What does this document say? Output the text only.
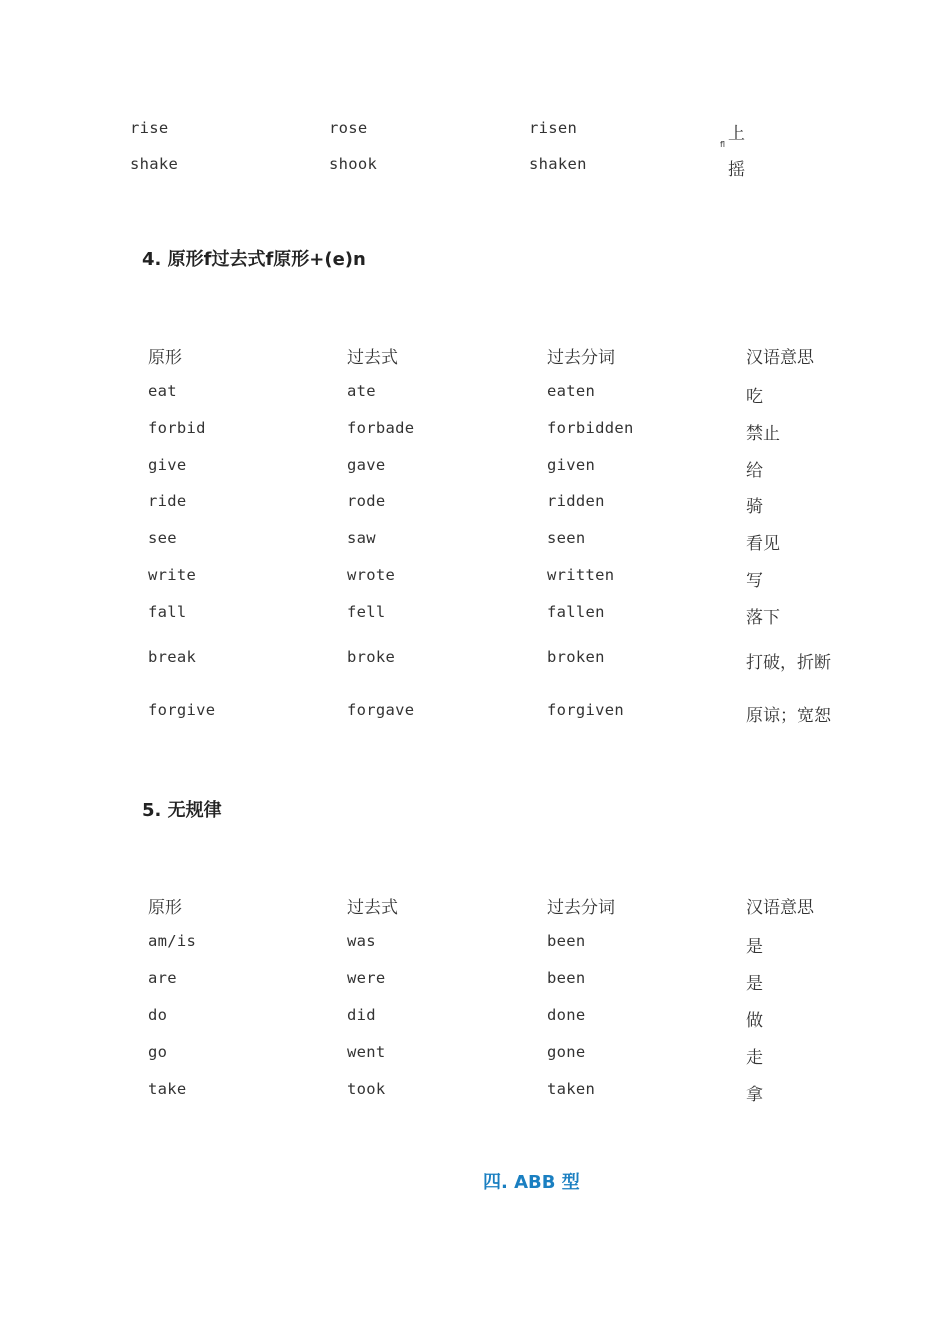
rise	rose	risen	上
fl
shake	shook	shaken	摇
4. 原形f过去式f原形+(e)n
原形	过去式	过去分词	汉语意思
eat	ate	eaten	吃
forbid	forbade	forbidden	禁止
give	gave	given	给
ride	rode	ridden	骑
see	saw	seen	看见
write	wrote	written	写
fall	fell	fallen	落下
break	broke	broken	打破，折断
forgive	forgave	forgiven	原谅；宽恕
5. 无规律
原形	过去式	过去分词	汉语意思
am/is	was	been	是
are	were	been	是
do	did	done	做
go	went	gone	走
take	took	taken	拿
四. ABB 型
